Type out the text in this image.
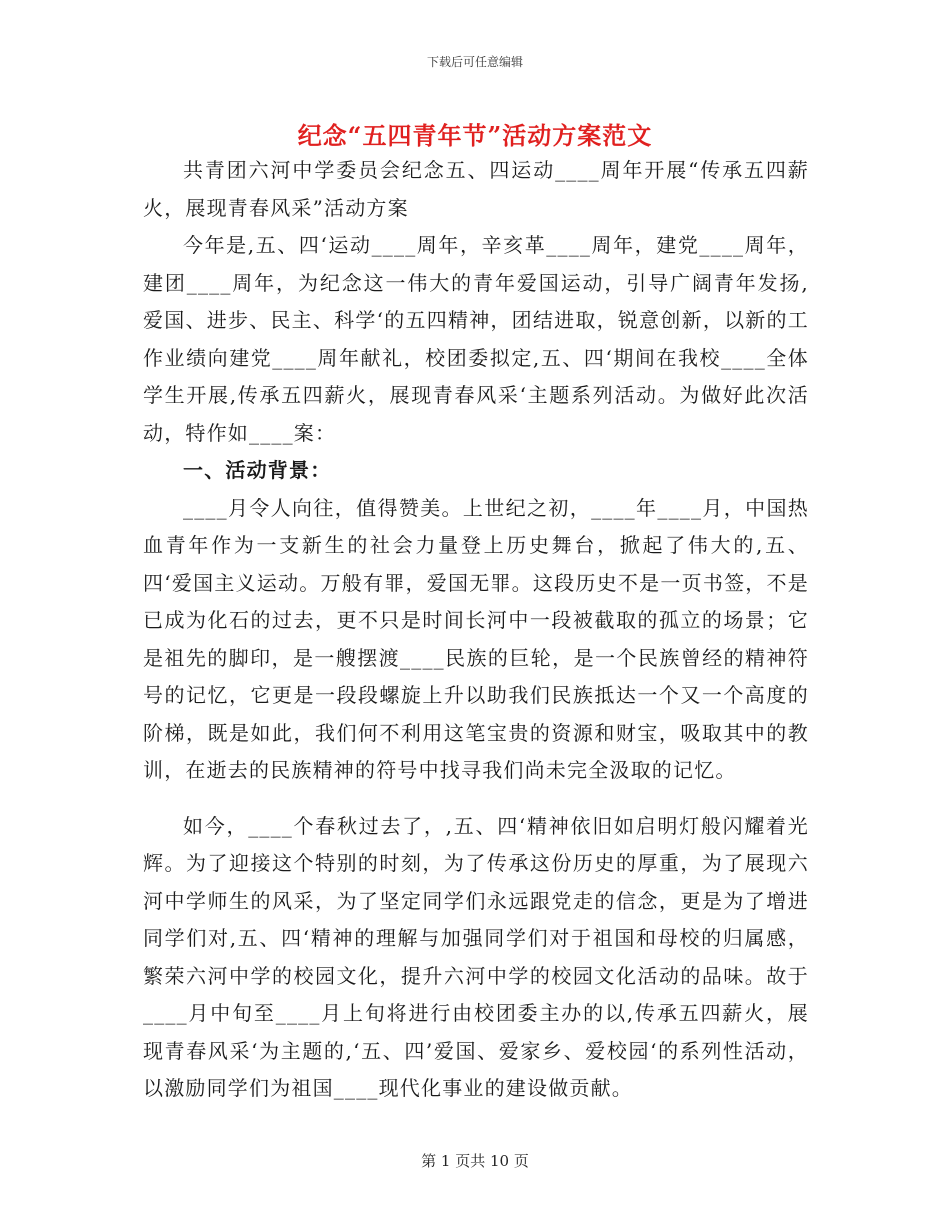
下载后可任意编辑
纪念“五四青年节”活动方案范文

共青团六河中学委员会纪念五、四运动____周年开展“传承五四薪火，展现青春风采”活动方案

今年是,五、四‘运动____周年，辛亥革____周年，建党____周年，建团____周年，为纪念这一伟大的青年爱国运动，引导广阔青年发扬,爱国、进步、民主、科学‘的五四精神，团结进取，锐意创新，以新的工作业绩向建党____周年献礼，校团委拟定,五、四‘期间在我校____全体学生开展,传承五四薪火，展现青春风采‘主题系列活动。为做好此次活动，特作如____案：

一、活动背景：

____月令人向往，值得赞美。上世纪之初，____年____月，中国热血青年作为一支新生的社会力量登上历史舞台，掀起了伟大的,五、四‘爱国主义运动。万般有罪，爱国无罪。这段历史不是一页书签，不是已成为化石的过去，更不只是时间长河中一段被截取的孤立的场景；它是祖先的脚印，是一艘摆渡____民族的巨轮，是一个民族曾经的精神符号的记忆，它更是一段段螺旋上升以助我们民族抵达一个又一个高度的阶梯，既是如此，我们何不利用这笔宝贵的资源和财宝，吸取其中的教训，在逝去的民族精神的符号中找寻我们尚未完全汲取的记忆。

如今，____个春秋过去了，,五、四‘精神依旧如启明灯般闪耀着光辉。为了迎接这个特别的时刻，为了传承这份历史的厚重，为了展现六河中学师生的风采，为了坚定同学们永远跟党走的信念，更是为了增进同学们对,五、四‘精神的理解与加强同学们对于祖国和母校的归属感，繁荣六河中学的校园文化，提升六河中学的校园文化活动的品味。故于____月中旬至____月上旬将进行由校团委主办的以,传承五四薪火，展现青春风采‘为主题的,‘五、四’爱国、爱家乡、爱校园‘的系列性活动，以激励同学们为祖国____现代化事业的建设做贡献。

第 1 页共 10 页
